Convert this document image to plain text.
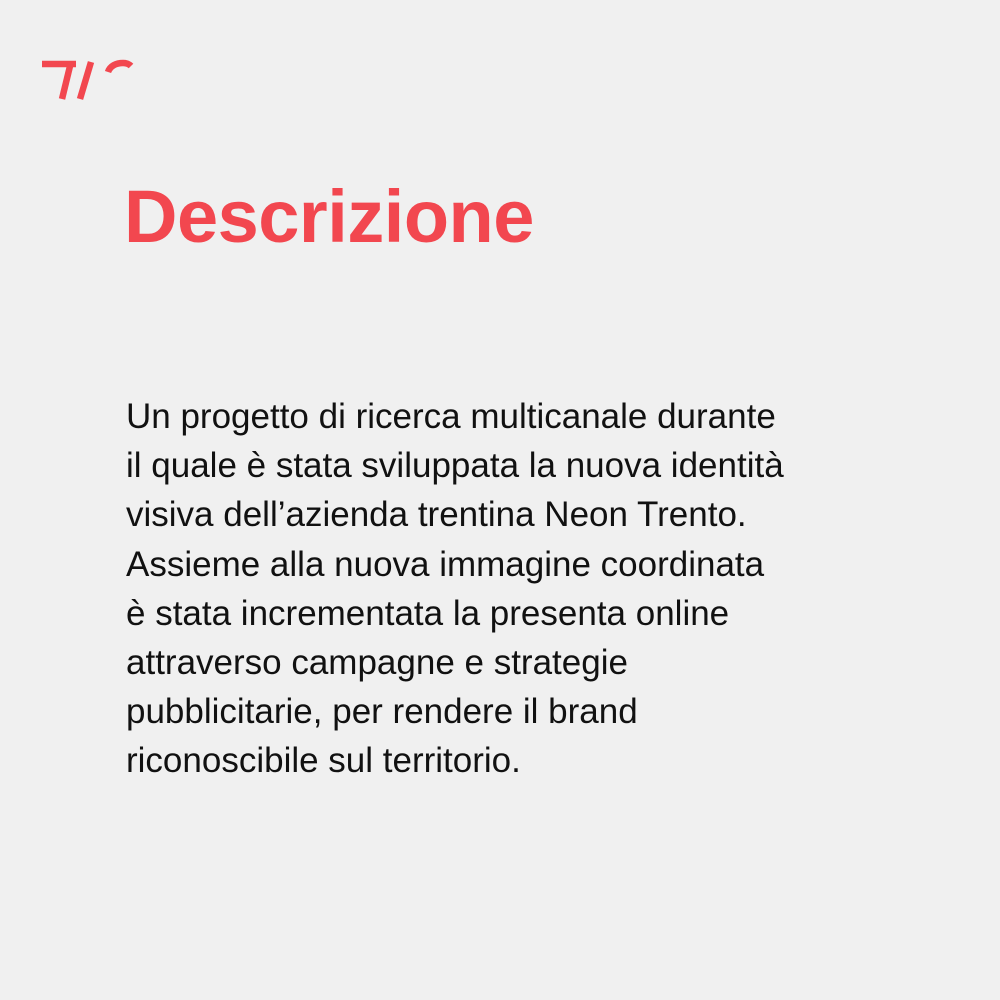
Descrizione

Un progetto di ricerca multicanale durante
il quale è stata sviluppata la nuova identità
visiva dell’azienda trentina Neon Trento.
Assieme alla nuova immagine coordinata
è stata incrementata la presenta online
attraverso campagne e strategie
pubblicitarie, per rendere il brand
riconoscibile sul territorio.
